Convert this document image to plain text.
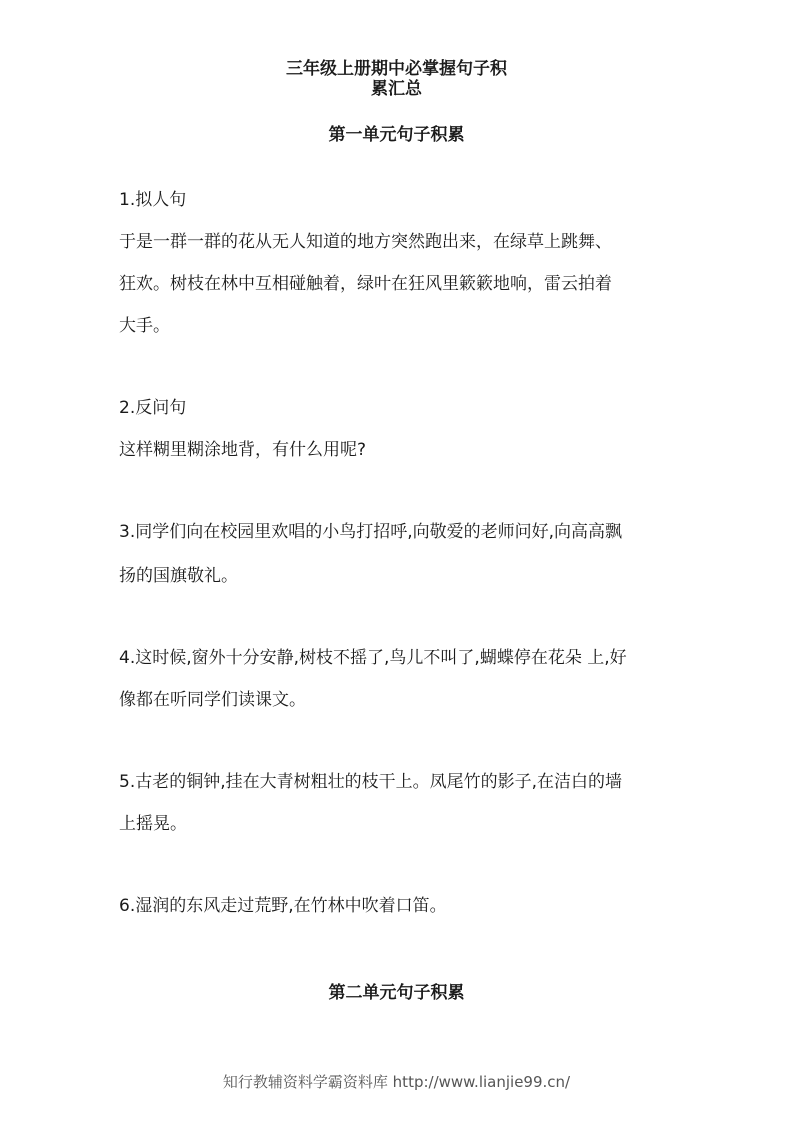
三年级上册期中必掌握句子积
累汇总
第一单元句子积累

1.拟人句

于是一群一群的花从无人知道的地方突然跑出来，在绿草上跳舞、

狂欢。树枝在林中互相碰触着，绿叶在狂风里簌簌地响，雷云拍着

大手。

2.反问句

这样糊里糊涂地背，有什么用呢?

3.同学们向在校园里欢唱的小鸟打招呼,向敬爱的老师问好,向高高飘

扬的国旗敬礼。

4.这时候,窗外十分安静,树枝不摇了,鸟儿不叫了,蝴蝶停在花朵 上,好

像都在听同学们读课文。

5.古老的铜钟,挂在大青树粗壮的枝干上。凤尾竹的影子,在洁白的墙

上摇晃。

6.湿润的东风走过荒野,在竹林中吹着口笛。

第二单元句子积累

知行教辅资料学霸资料库 http://www.lianjie99.cn/
